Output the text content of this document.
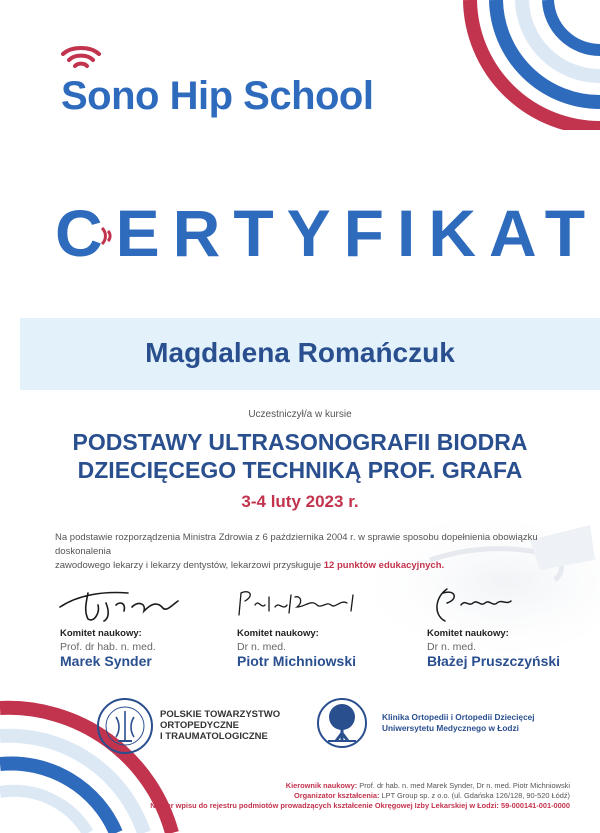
Sono Hip School
CERTYFIKAT
Magdalena Romańczuk
Uczestniczył/a w kursie
PODSTAWY ULTRASONOGRAFII BIODRA
DZIECIĘCEGO TECHNIKĄ PROF. GRAFA
3-4 luty 2023 r.
Na podstawie rozporządzenia Ministra Zdrowia z 6 października 2004 r. w sprawie sposobu dopełnienia obowiązku doskonalenia
zawodowego lekarzy i lekarzy dentystów, lekarzowi przysługuje 12 punktów edukacyjnych.
Komitet naukowy:
Prof. dr hab. n. med.
Marek Synder
Komitet naukowy:
Dr n. med.
Piotr Michniowski
Komitet naukowy:
Dr n. med.
Błażej Pruszczyński
POLSKIE TOWARZYSTWO
ORTOPEDYCZNE
I TRAUMATOLOGICZNE
Klinika Ortopedii i Ortopedii Dziecięcej
Uniwersytetu Medycznego w Łodzi
Kierownik naukowy: Prof. dr hab. n. med Marek Synder, Dr n. med. Piotr Michniowski
Organizator kształcenia: LPT Group sp. z o.o. (ul. Gdańska 126/128, 90-520 Łódź)
Numer wpisu do rejestru podmiotów prowadzących kształcenie Okręgowej Izby Lekarskiej w Łodzi: 59-000141-001-0000
